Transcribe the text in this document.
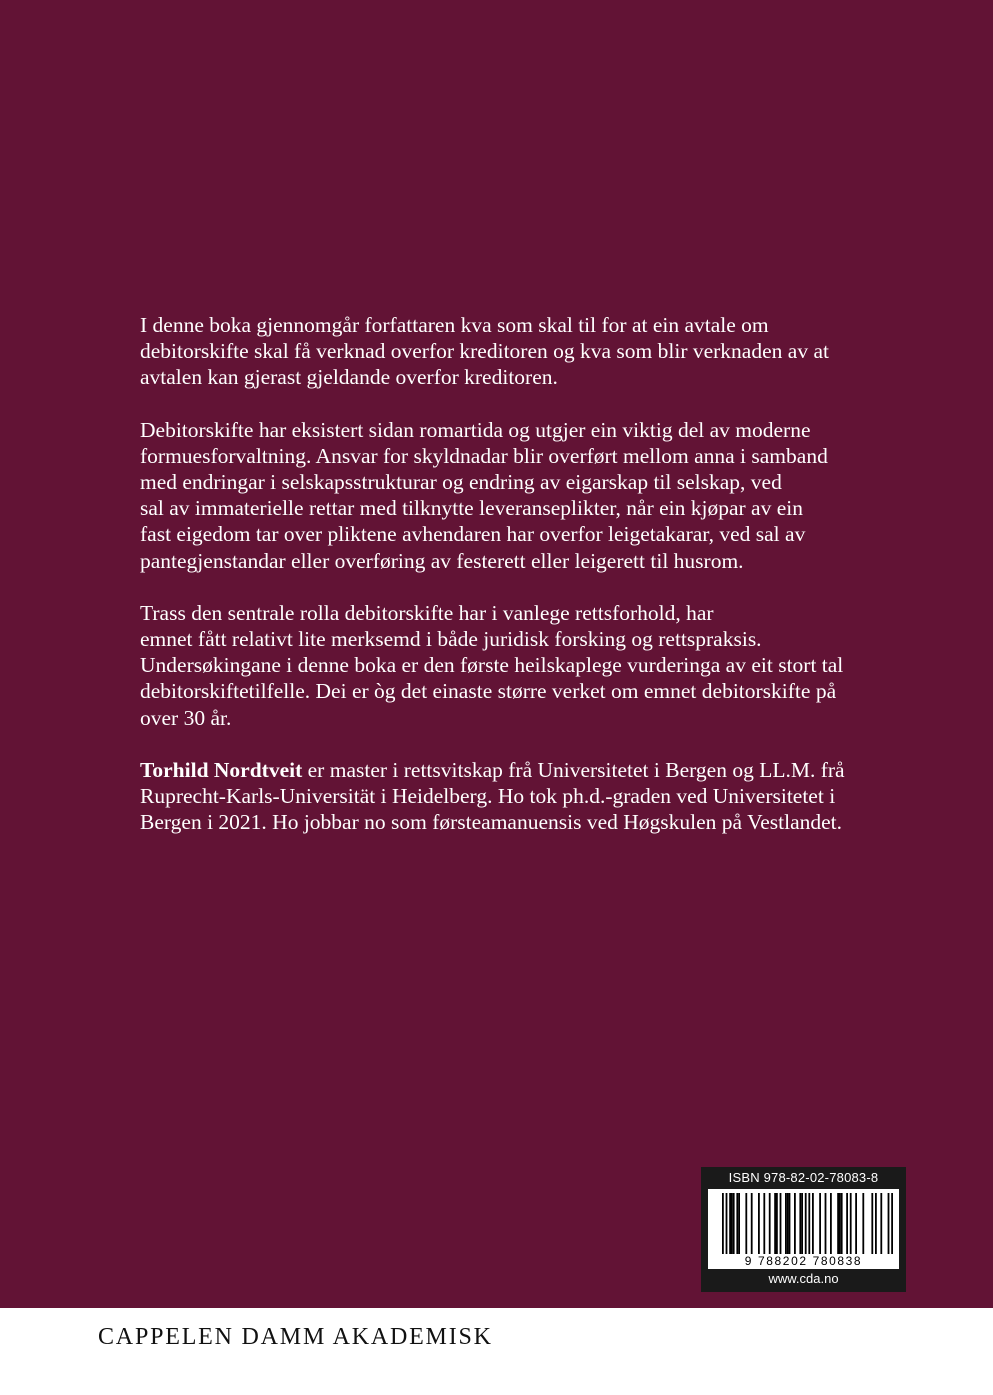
I denne boka gjennomgår forfattaren kva som skal til for at ein avtale om
debitorskifte skal få verknad overfor kreditoren og kva som blir verknaden av at
avtalen kan gjerast gjeldande overfor kreditoren.

Debitorskifte har eksistert sidan romartida og utgjer ein viktig del av moderne
formuesforvaltning. Ansvar for skyldnadar blir overført mellom anna i samband
med endringar i selskapsstrukturar og endring av eigarskap til selskap, ved
sal av immaterielle rettar med tilknytte leveranseplikter, når ein kjøpar av ein
fast eigedom tar over pliktene avhendaren har overfor leigetakarar, ved sal av
pantegjenstandar eller overføring av festerett eller leigerett til husrom.

Trass den sentrale rolla debitorskifte har i vanlege rettsforhold, har
emnet fått relativt lite merksemd i både juridisk forsking og rettspraksis.
Undersøkingane i denne boka er den første heilskaplege vurderinga av eit stort tal
debitorskiftetilfelle. Dei er òg det einaste større verket om emnet debitorskifte på
over 30 år.

Torhild Nordtveit er master i rettsvitskap frå Universitetet i Bergen og LL.M. frå
Ruprecht-Karls-Universität i Heidelberg. Ho tok ph.d.-graden ved Universitetet i
Bergen i 2021. Ho jobbar no som førsteamanuensis ved Høgskulen på Vestlandet.

ISBN 978-82-02-78083-8
9 788202 780838
www.cda.no
CAPPELEN DAMM AKADEMISK
